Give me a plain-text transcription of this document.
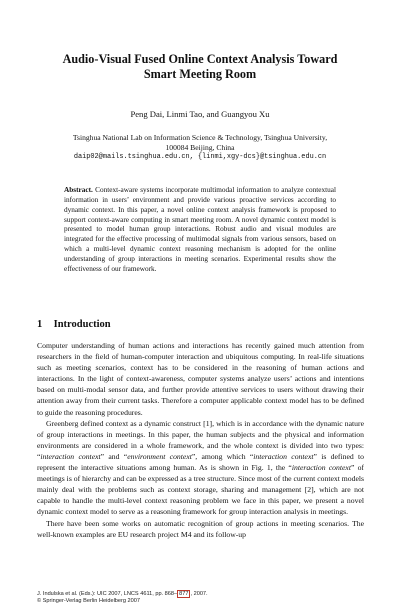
Audio-Visual Fused Online Context Analysis Toward
Smart Meeting Room
Peng Dai, Linmi Tao, and Guangyou Xu
Tsinghua National Lab on Information Science & Technology, Tsinghua University,
100084 Beijing, China
daip02@mails.tsinghua.edu.cn, {linmi,xgy-dcs}@tsinghua.edu.cn
Abstract. Context-aware systems incorporate multimodal information to analyze contextual information in users’ environment and provide various proactive services according to dynamic context. In this paper, a novel online context analysis framework is proposed to support context-aware computing in smart meeting room. A novel dynamic context model is presented to model human group interactions. Robust audio and visual modules are integrated for the effective processing of multimodal signals from various sensors, based on which a multi-level dynamic context reasoning mechanism is adopted for the online understanding of group interactions in meeting scenarios. Experimental results show the effectiveness of our framework.
1 Introduction

Computer understanding of human actions and interactions has recently gained much attention from researchers in the field of human-computer interaction and ubiquitous computing. In real-life situations such as meeting scenarios, context has to be considered in the reasoning of human actions and interactions. In the light of context-awareness, computer systems analyze users’ actions and intentions based on multi-modal sensor data, and further provide attentive services to users without drawing their attention away from their current tasks. Therefore a computer applicable context model has to be defined to guide the reasoning procedures.

Greenberg defined context as a dynamic construct [1], which is in accordance with the dynamic nature of group interactions in meetings. In this paper, the human subjects and the physical and information environments are considered in a whole framework, and the whole context is divided into two types: “interaction context” and “environment context”, among which “interaction context” is defined to represent the interactive situations among human. As is shown in Fig. 1, the “interaction context” of meetings is of hierarchy and can be expressed as a tree structure. Since most of the current context models mainly deal with the problems such as context storage, sharing and management [2], which are not capable to handle the multi-level context reasoning problem we face in this paper, we present a novel dynamic context model to serve as a reasoning framework for group interaction analysis in meetings.

There have been some works on automatic recognition of group actions in meeting scenarios. The well-known examples are EU research project M4 and its follow-up

J. Indulska et al. (Eds.): UIC 2007, LNCS 4611, pp. 868– 877 , 2007.
© Springer-Verlag Berlin Heidelberg 2007
